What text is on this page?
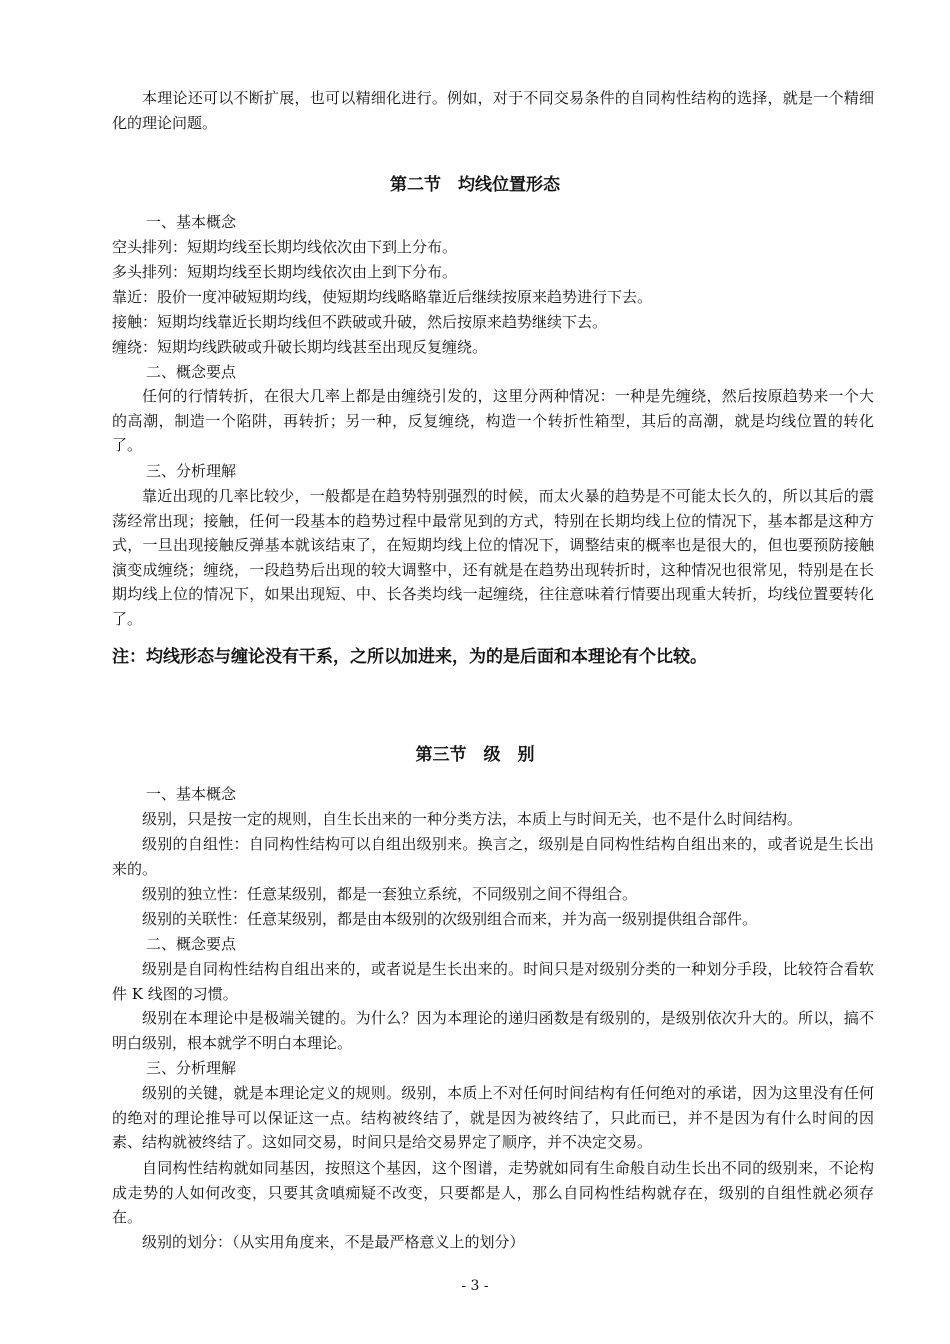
本理论还可以不断扩展，也可以精细化进行。例如，对于不同交易条件的自同构性结构的选择，就是一个精细化的理论问题。

第二节　均线位置形态

一、基本概念

空头排列：短期均线至长期均线依次由下到上分布。

多头排列：短期均线至长期均线依次由上到下分布。

靠近：股价一度冲破短期均线，使短期均线略略靠近后继续按原来趋势进行下去。

接触：短期均线靠近长期均线但不跌破或升破，然后按原来趋势继续下去。

缠绕：短期均线跌破或升破长期均线甚至出现反复缠绕。

二、概念要点

任何的行情转折，在很大几率上都是由缠绕引发的，这里分两种情况：一种是先缠绕，然后按原趋势来一个大的高潮，制造一个陷阱，再转折；另一种，反复缠绕，构造一个转折性箱型，其后的高潮，就是均线位置的转化了。

三、分析理解

靠近出现的几率比较少，一般都是在趋势特别强烈的时候，而太火暴的趋势是不可能太长久的，所以其后的震荡经常出现；接触，任何一段基本的趋势过程中最常见到的方式，特别在长期均线上位的情况下，基本都是这种方式，一旦出现接触反弹基本就该结束了，在短期均线上位的情况下，调整结束的概率也是很大的，但也要预防接触演变成缠绕；缠绕，一段趋势后出现的较大调整中，还有就是在趋势出现转折时，这种情况也很常见，特别是在长期均线上位的情况下，如果出现短、中、长各类均线一起缠绕，往往意味着行情要出现重大转折，均线位置要转化了。

注：均线形态与缠论没有干系，之所以加进来，为的是后面和本理论有个比较。

第三节　级　别

一、基本概念

级别，只是按一定的规则，自生长出来的一种分类方法，本质上与时间无关，也不是什么时间结构。

级别的自组性：自同构性结构可以自组出级别来。换言之，级别是自同构性结构自组出来的，或者说是生长出来的。

级别的独立性：任意某级别，都是一套独立系统，不同级别之间不得组合。

级别的关联性：任意某级别，都是由本级别的次级别组合而来，并为高一级别提供组合部件。

二、概念要点

级别是自同构性结构自组出来的，或者说是生长出来的。时间只是对级别分类的一种划分手段，比较符合看软件 K 线图的习惯。

级别在本理论中是极端关键的。为什么？因为本理论的递归函数是有级别的，是级别依次升大的。所以，搞不明白级别，根本就学不明白本理论。

三、分析理解

级别的关键，就是本理论定义的规则。级别，本质上不对任何时间结构有任何绝对的承诺，因为这里没有任何的绝对的理论推导可以保证这一点。结构被终结了，就是因为被终结了，只此而已，并不是因为有什么时间的因素、结构就被终结了。这如同交易，时间只是给交易界定了顺序，并不决定交易。

自同构性结构就如同基因，按照这个基因，这个图谱，走势就如同有生命般自动生长出不同的级别来，不论构成走势的人如何改变，只要其贪嗔痴疑不改变，只要都是人，那么自同构性结构就存在，级别的自组性就必须存在。

级别的划分：（从实用角度来，不是最严格意义上的划分）

- 3 -
